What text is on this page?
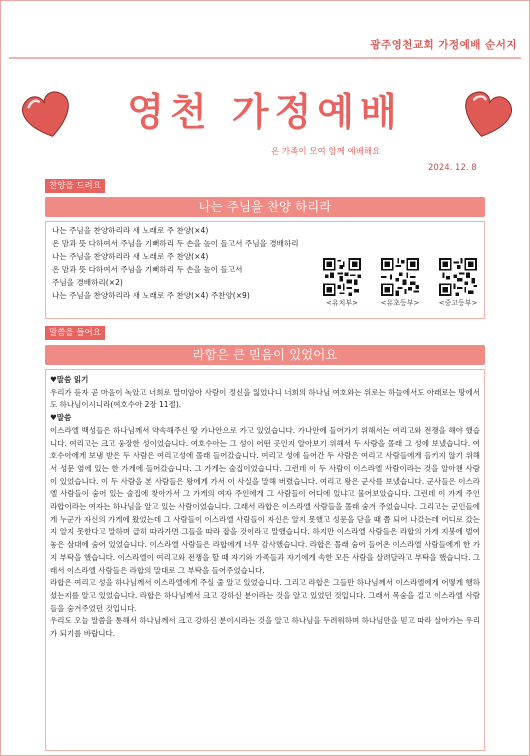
광주영천교회 가정예배 순서지
영천 가정예배
온 가족이 모여 함께 예배해요
2024. 12. 8
찬양을 드려요
나는 주님을 찬양 하리라
나는 주님을 찬양하리라 새 노래로 주 찬양(×4)
온 맘과 뜻 다하여서 주님을 기뻐하리 두 손을 높이 들고서 주님을 경배하리
나는 주님을 찬양하리라 새 노래로 주 찬양(×4)
온 맘과 뜻 다하여서 주님을 기뻐하리 두 손을 높이 들고서
주님을 경배하리(×2)
나는 주님을 찬양하리라 새 노래로 주 찬양(×4) 주찬양(×9)
<유치부>	<유초등부>	<중고등부>
말씀을 들어요
라합은 큰 믿음이 있었어요
♥말씀 읽기
우리가 듣자 곧 마음이 녹았고 너희로 말미암아 사람이 정신을 잃었나니 너희의 하나님 여호와는 위로는 하늘에서도 아래로는 땅에서도 하나님이시니라(여호수아 2장 11절).
♥말씀
이스라엘 백성들은 하나님께서 약속해주신 땅 가나안으로 가고 있었습니다. 가나안에 들어가기 위해서는 여리고와 전쟁을 해야 했습니다. 여리고는 크고 웅장한 성이었습니다. 여호수아는 그 성이 어떤 곳인지 알아보기 위해서 두 사람을 몰래 그 성에 보냈습니다. 여호수아에게 보냄 받은 두 사람은 여리고성에 몰래 들어갔습니다. 여리고 성에 들어간 두 사람은 여리고 사람들에게 들키지 않기 위해서 성문 옆에 있는 한 가게에 들어갔습니다. 그 가게는 술집이었습니다. 그런데 이 두 사람이 이스라엘 사람이라는 것을 알아챈 사람이 있었습니다. 이 두 사람을 본 사람들은 왕에게 가서 이 사실을 말해 버렸습니다. 여리고 왕은 군사를 보냈습니다. 군사들은 이스라엘 사람들이 숨어 있는 술집에 찾아가서 그 가게의 여자 주인에게 그 사람들이 어디에 있냐고 물어보았습니다. 그런데 이 가게 주인 라합이라는 여자는 하나님을 알고 있는 사람이었습니다. 그래서 라합은 이스라엘 사람들을 몰래 숨겨 주었습니다. 그리고는 군인들에게 누군가 자신의 가게에 왔었는데 그 사람들이 이스라엘 사람들이 자신은 알지 못했고 성문을 닫을 때 쯤 되어 나갔는데 어디로 갔는지 알지 못한다고 말하며 급히 따라가면 그들을 따라 잡을 것이라고 말했습니다. 하지만 이스라엘 사람들은 라합의 가게 지붕에 벌여 놓은 삼대에 숨어 있었습니다. 이스라엘 사람들은 라합에게 너무 감사했습니다. 라합은 몰래 숨어 들어온 이스라엘 사람들에게 한 가지 부탁을 했습니다. 이스라엘이 여리고와 전쟁을 할 때 자기와 가족들과 자기에게 속한 모든 사람을 살려달라고 부탁을 했습니다. 그래서 이스라엘 사람들은 라합의 말대로 그 부탁을 들어주었습니다.
라합은 여리고 성을 하나님께서 이스라엘에게 주실 줄 알고 있었습니다. 그리고 라합은 그들만 하나님께서 이스라엘에게 어떻게 행하셨는지를 알고 있었습니다. 라합은 하나님께서 크고 강하신 분이라는 것을 알고 있었던 것입니다. 그래서 목숨을 걸고 이스라엘 사람들을 숨겨주었던 것입니다.
우리도 오늘 말씀을 통해서 하나님께서 크고 강하신 분이시라는 것을 알고 하나님을 두려워하며 하나님만을 믿고 따라 살아가는 우리가 되기를 바랍니다.
